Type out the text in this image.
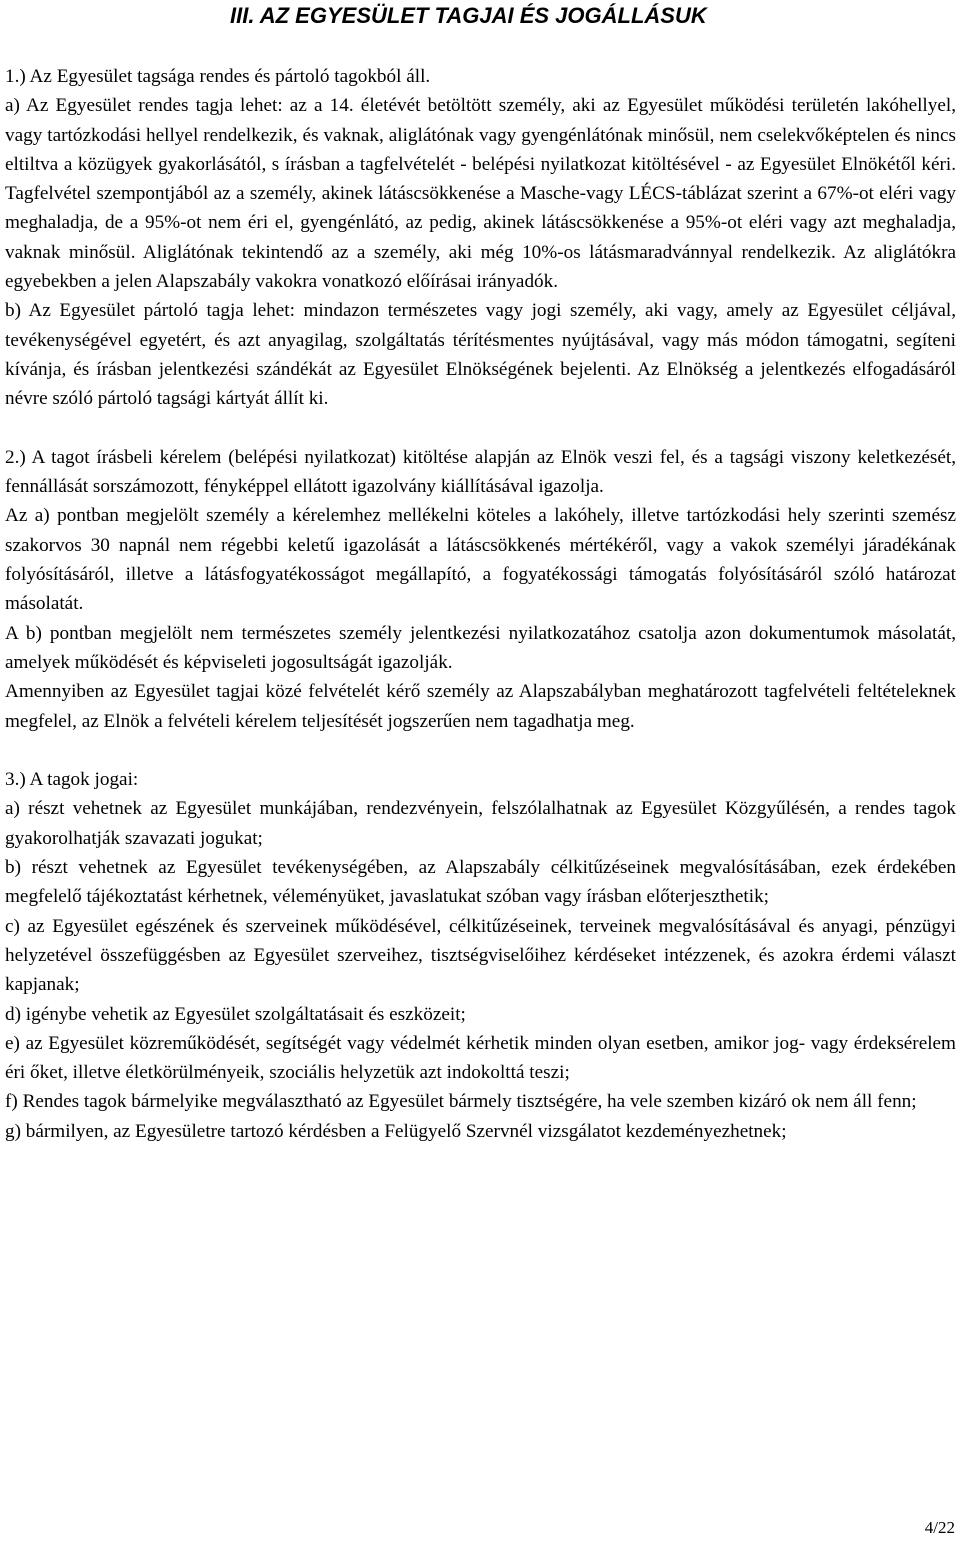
III. AZ EGYESÜLET TAGJAI ÉS JOGÁLLÁSUK

1.) Az Egyesület tagsága rendes és pártoló tagokból áll.

a) Az Egyesület rendes tagja lehet: az a 14. életévét betöltött személy, aki az Egyesület működési területén lakóhellyel, vagy tartózkodási hellyel rendelkezik, és vaknak, aliglátónak vagy gyengénlátónak minősül, nem cselekvőképtelen és nincs eltiltva a közügyek gyakorlásától, s írásban a tagfelvételét - belépési nyilatkozat kitöltésével - az Egyesület Elnökétől kéri. Tagfelvétel szempontjából az a személy, akinek látáscsökkenése a Masche-vagy LÉCS-táblázat szerint a 67%-ot eléri vagy meghaladja, de a 95%-ot nem éri el, gyengénlátó, az pedig, akinek látáscsökkenése a 95%-ot eléri vagy azt meghaladja, vaknak minősül. Aliglátónak tekintendő az a személy, aki még 10%-os látásmaradvánnyal rendelkezik. Az aliglátókra egyebekben a jelen Alapszabály vakokra vonatkozó előírásai irányadók.

b) Az Egyesület pártoló tagja lehet: mindazon természetes vagy jogi személy, aki vagy, amely az Egyesület céljával, tevékenységével egyetért, és azt anyagilag, szolgáltatás térítésmentes nyújtásával, vagy más módon támogatni, segíteni kívánja, és írásban jelentkezési szándékát az Egyesület Elnökségének bejelenti. Az Elnökség a jelentkezés elfogadásáról névre szóló pártoló tagsági kártyát állít ki.

2.) A tagot írásbeli kérelem (belépési nyilatkozat) kitöltése alapján az Elnök veszi fel, és a tagsági viszony keletkezését, fennállását sorszámozott, fényképpel ellátott igazolvány kiállításával igazolja.

Az a) pontban megjelölt személy a kérelemhez mellékelni köteles a lakóhely, illetve tartózkodási hely szerinti szemész szakorvos 30 napnál nem régebbi keletű igazolását a látáscsökkenés mértékéről, vagy a vakok személyi járadékának folyósításáról, illetve a látásfogyatékosságot megállapító, a fogyatékossági támogatás folyósításáról szóló határozat másolatát.

A b) pontban megjelölt nem természetes személy jelentkezési nyilatkozatához csatolja azon dokumentumok másolatát, amelyek működését és képviseleti jogosultságát igazolják.

Amennyiben az Egyesület tagjai közé felvételét kérő személy az Alapszabályban meghatározott tagfelvételi feltételeknek megfelel, az Elnök a felvételi kérelem teljesítését jogszerűen nem tagadhatja meg.

3.) A tagok jogai:

a) részt vehetnek az Egyesület munkájában, rendezvényein, felszólalhatnak az Egyesület Közgyűlésén, a rendes tagok gyakorolhatják szavazati jogukat;

b) részt vehetnek az Egyesület tevékenységében, az Alapszabály célkitűzéseinek megvalósításában, ezek érdekében megfelelő tájékoztatást kérhetnek, véleményüket, javaslatukat szóban vagy írásban előterjeszthetik;

c) az Egyesület egészének és szerveinek működésével, célkitűzéseinek, terveinek megvalósításával és anyagi, pénzügyi helyzetével összefüggésben az Egyesület szerveihez, tisztségviselőihez kérdéseket intézzenek, és azokra érdemi választ kapjanak;

d) igénybe vehetik az Egyesület szolgáltatásait és eszközeit;

e) az Egyesület közreműködését, segítségét vagy védelmét kérhetik minden olyan esetben, amikor jog- vagy érdeksérelem éri őket, illetve életkörülményeik, szociális helyzetük azt indokolttá teszi;

f) Rendes tagok bármelyike megválasztható az Egyesület bármely tisztségére, ha vele szemben kizáró ok nem áll fenn;

g) bármilyen, az Egyesületre tartozó kérdésben a Felügyelő Szervnél vizsgálatot kezdeményezhetnek;

4/22
